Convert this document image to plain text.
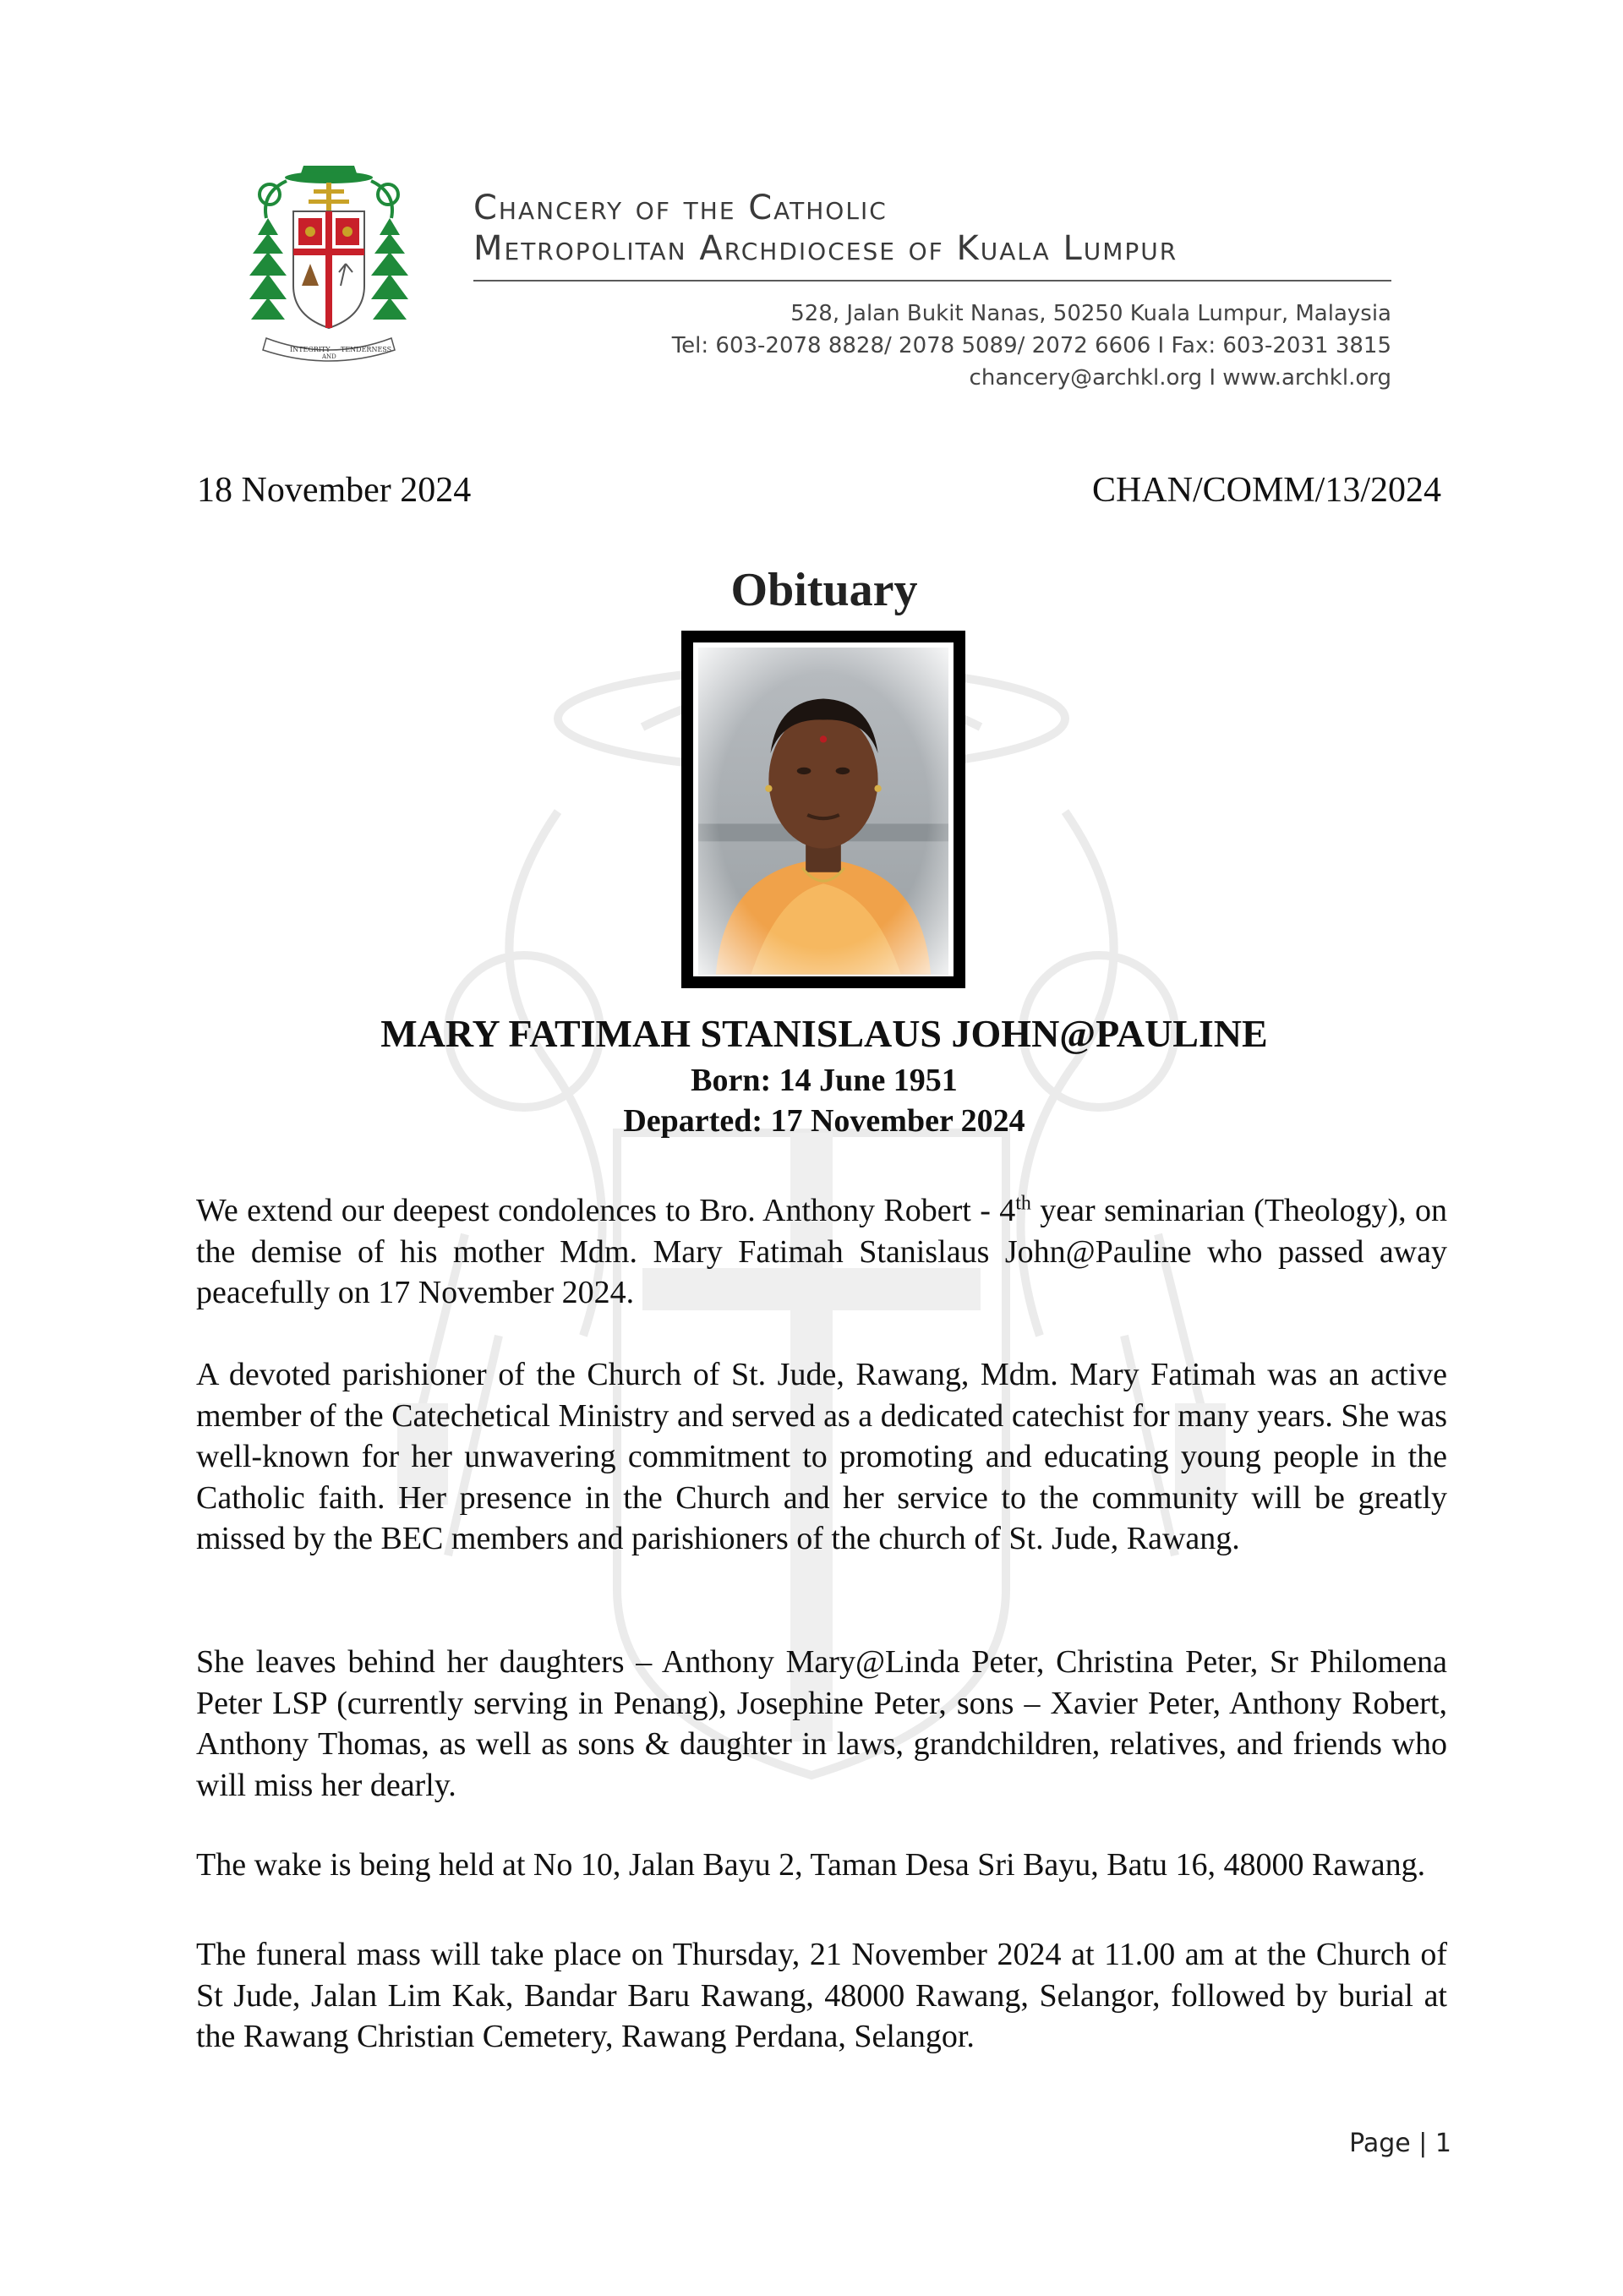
INTEGRITY
AND
TENDERNESS
Chancery of the Catholic
Metropolitan Archdiocese of Kuala Lumpur
528, Jalan Bukit Nanas, 50250 Kuala Lumpur, Malaysia
Tel: 603-2078 8828/ 2078 5089/ 2072 6606 I Fax: 603-2031 3815
chancery@archkl.org I www.archkl.org
18 November 2024	CHAN/COMM/13/2024
Obituary
MARY FATIMAH STANISLAUS JOHN@PAULINE
Born: 14 June 1951
Departed: 17 November 2024
We extend our deepest condolences to Bro. Anthony Robert - 4th year seminarian (Theology), on the demise of his mother Mdm. Mary Fatimah Stanislaus John@Pauline who passed away peacefully on 17 November 2024.
A devoted parishioner of the Church of St. Jude, Rawang, Mdm. Mary Fatimah was an active member of the Catechetical Ministry and served as a dedicated catechist for many years. She was well-known for her unwavering commitment to promoting and educating young people in the Catholic faith. Her presence in the Church and her service to the community will be greatly missed by the BEC members and parishioners of the church of St. Jude, Rawang.
She leaves behind her daughters – Anthony Mary@Linda Peter, Christina Peter, Sr Philomena Peter LSP (currently serving in Penang), Josephine Peter, sons – Xavier Peter, Anthony Robert, Anthony Thomas, as well as sons & daughter in laws, grandchildren, relatives, and friends who will miss her dearly.
The wake is being held at No 10, Jalan Bayu 2, Taman Desa Sri Bayu, Batu 16, 48000 Rawang.
The funeral mass will take place on Thursday, 21 November 2024 at 11.00 am at the Church of St Jude, Jalan Lim Kak, Bandar Baru Rawang, 48000 Rawang, Selangor, followed by burial at the Rawang Christian Cemetery, Rawang Perdana, Selangor.
Page | 1
